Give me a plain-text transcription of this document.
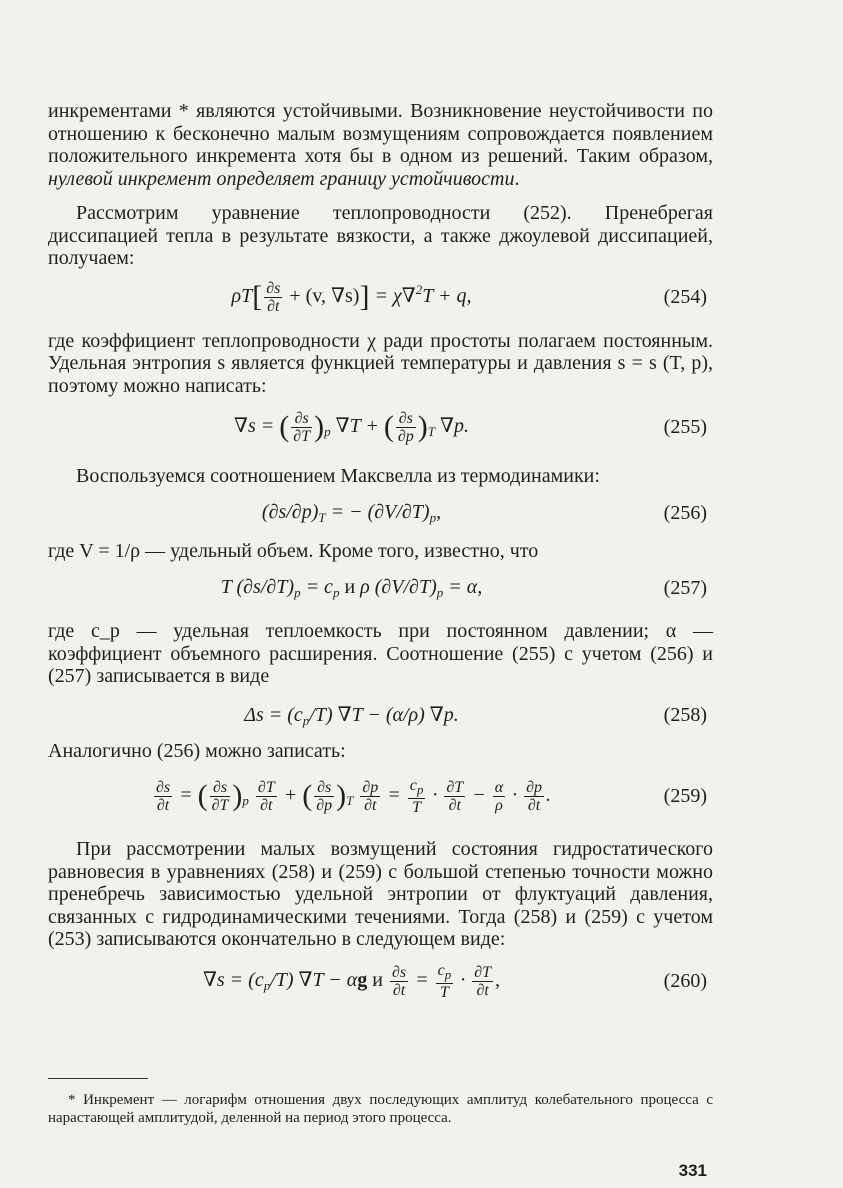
инкрементами * являются устойчивыми. Возникновение неустойчивости по отношению к бесконечно малым возмущениям сопровождается появлением положительного инкремента хотя бы в одном из решений. Таким образом, нулевой инкремент определяет границу устойчивости.

Рассмотрим уравнение теплопроводности (252). Пренебрегая диссипацией тепла в результате вязкости, а также джоулевой диссипацией, получаем:

$\rho T[ \frac{\partial s}{\partial t} + (v$, ∇s)] = χ∇$^2$T + q,	(254)

где коэффициент теплопроводности χ ради простоты полагаем постоянным. Удельная энтропия s является функцией температуры и давления s = s (T, p), поэтому можно написать:

∇s = ( $\frac{\partial s}{\partial T} )_p$ ∇T + ( $\frac{\partial s}{\partial p} )_T$ ∇p.	(255)

Воспользуемся соотношением Максвелла из термодинамики:

$(\partial s/\partial p)_T$ = − $(\partial V/\partial T)_p$,	(256)

где V = 1/ρ — удельный объем. Кроме того, известно, что

T $(\partial s/\partial T)_p = c_p$ и ρ $(\partial V/\partial T)_p = \alpha$,	(257)

где c_p — удельная теплоемкость при постоянном давлении; α — коэффициент объемного расширения. Соотношение (255) с учетом (256) и (257) записывается в виде

$\Delta s = (c_p/T) \nabla T - (\alpha/\rho)$ ∇p.	(258)

Аналогично (256) можно записать:

$\frac{\partial s}{\partial t}$ = ( $\frac{\partial s}{\partial T} )_p \frac{\partial T}{\partial t}$ + ( $\frac{\partial s}{\partial p} )_T \frac{\partial p}{\partial t} = \frac{c_p}{T} \cdot \frac{\partial T}{\partial t} - \frac{\alpha}{\rho} \cdot \frac{\partial p}{\partial t}$ .	(259)

При рассмотрении малых возмущений состояния гидростатического равновесия в уравнениях (258) и (259) с большой степенью точности можно пренебречь зависимостью удельной энтропии от флуктуаций давления, связанных с гидродинамическими течениями. Тогда (258) и (259) с учетом (253) записываются окончательно в следующем виде:

$\nabla s = (c_p/T) \nabla T - \alpha g$ и $\frac{\partial s}{\partial t} = \frac{c_p}{T} \cdot \frac{\partial T}{\partial t}$ ,	(260)
* Инкремент — логарифм отношения двух последующих амплитуд колебательного процесса с нарастающей амплитудой, деленной на период этого процесса.
331
